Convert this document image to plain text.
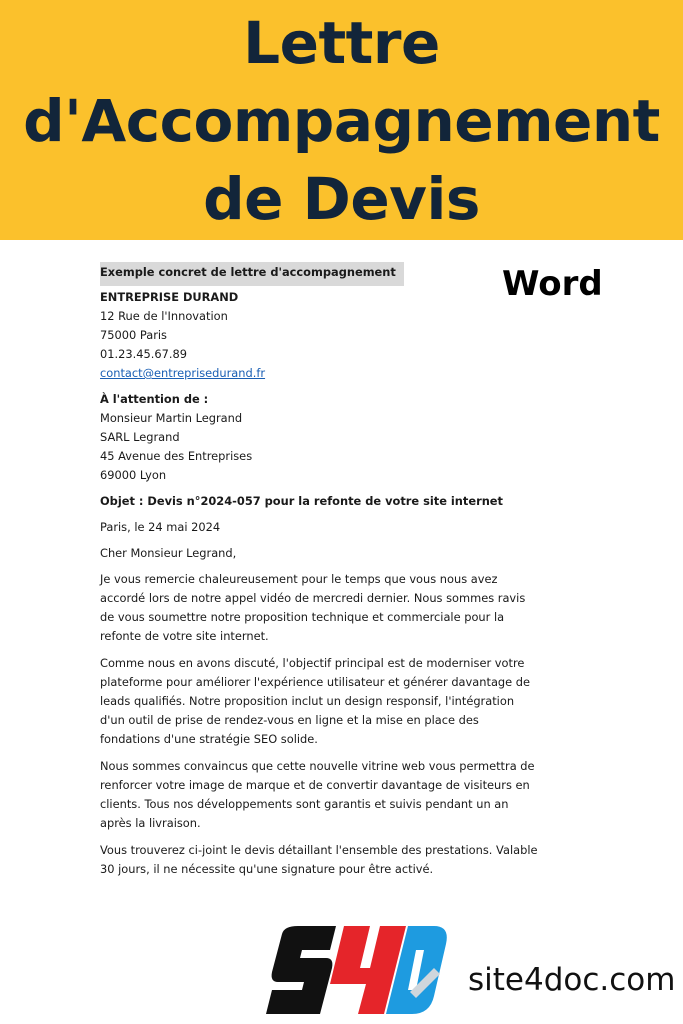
Lettre
d'Accompagnement
de Devis
Word
Exemple concret de lettre d'accompagnement
ENTREPRISE DURAND
12 Rue de l'Innovation
75000 Paris
01.23.45.67.89
contact@entreprisedurand.fr
À l'attention de :
Monsieur Martin Legrand
SARL Legrand
45 Avenue des Entreprises
69000 Lyon
Objet : Devis n°2024-057 pour la refonte de votre site internet
Paris, le 24 mai 2024
Cher Monsieur Legrand,

Je vous remercie chaleureusement pour le temps que vous nous avez accordé lors de notre appel vidéo de mercredi dernier. Nous sommes ravis de vous soumettre notre proposition technique et commerciale pour la refonte de votre site internet.

Comme nous en avons discuté, l'objectif principal est de moderniser votre plateforme pour améliorer l'expérience utilisateur et générer davantage de leads qualifiés. Notre proposition inclut un design responsif, l'intégration d'un outil de prise de rendez-vous en ligne et la mise en place des fondations d'une stratégie SEO solide.

Nous sommes convaincus que cette nouvelle vitrine web vous permettra de renforcer votre image de marque et de convertir davantage de visiteurs en clients. Tous nos développements sont garantis et suivis pendant un an après la livraison.

Vous trouverez ci-joint le devis détaillant l'ensemble des prestations. Valable 30 jours, il ne nécessite qu'une signature pour être activé.

site4doc.com
